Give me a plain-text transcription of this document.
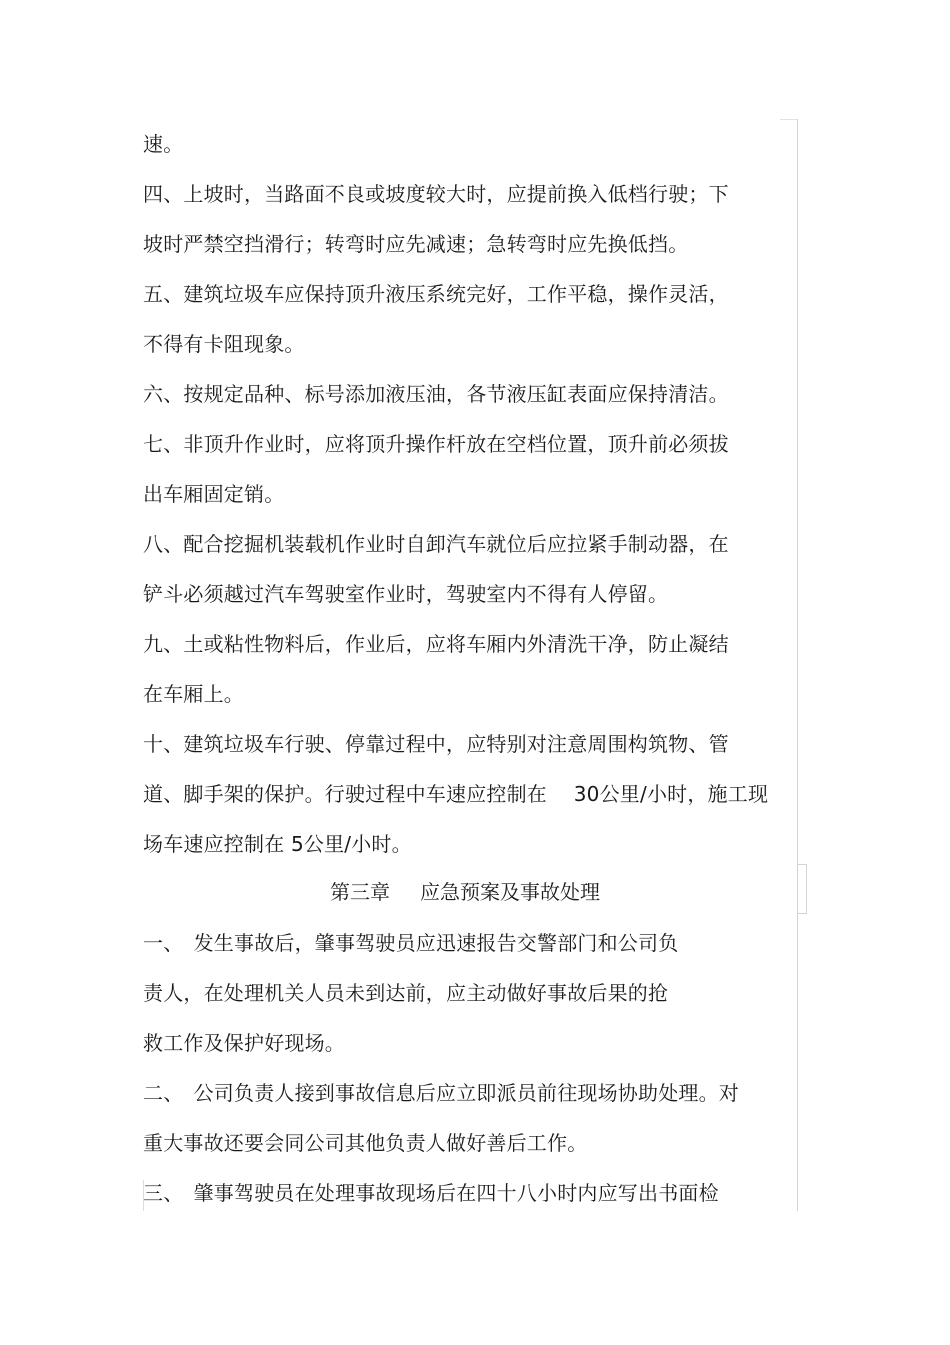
速。

四、上坡时，当路面不良或坡度较大时，应提前换入低档行驶；下

坡时严禁空挡滑行；转弯时应先减速；急转弯时应先换低挡。

五、建筑垃圾车应保持顶升液压系统完好，工作平稳，操作灵活，

不得有卡阻现象。

六、按规定品种、标号添加液压油，各节液压缸表面应保持清洁。

七、非顶升作业时，应将顶升操作杆放在空档位置，顶升前必须拔

出车厢固定销。

八、配合挖掘机装载机作业时自卸汽车就位后应拉紧手制动器，在

铲斗必须越过汽车驾驶室作业时，驾驶室内不得有人停留。

九、土或粘性物料后，作业后，应将车厢内外清洗干净，防止凝结

在车厢上。

十、建筑垃圾车行驶、停靠过程中，应特别对注意周围构筑物、管

道、脚手架的保护。行驶过程中车速应控制在　 30公里/小时，施工现

场车速应控制在 5公里/小时。

第三章 应急预案及事故处理

一、　发生事故后，肇事驾驶员应迅速报告交警部门和公司负

责人，在处理机关人员未到达前，应主动做好事故后果的抢

救工作及保护好现场。

二、　公司负责人接到事故信息后应立即派员前往现场协助处理。对

重大事故还要会同公司其他负责人做好善后工作。

三、　肇事驾驶员在处理事故现场后在四十八小时内应写出书面检
